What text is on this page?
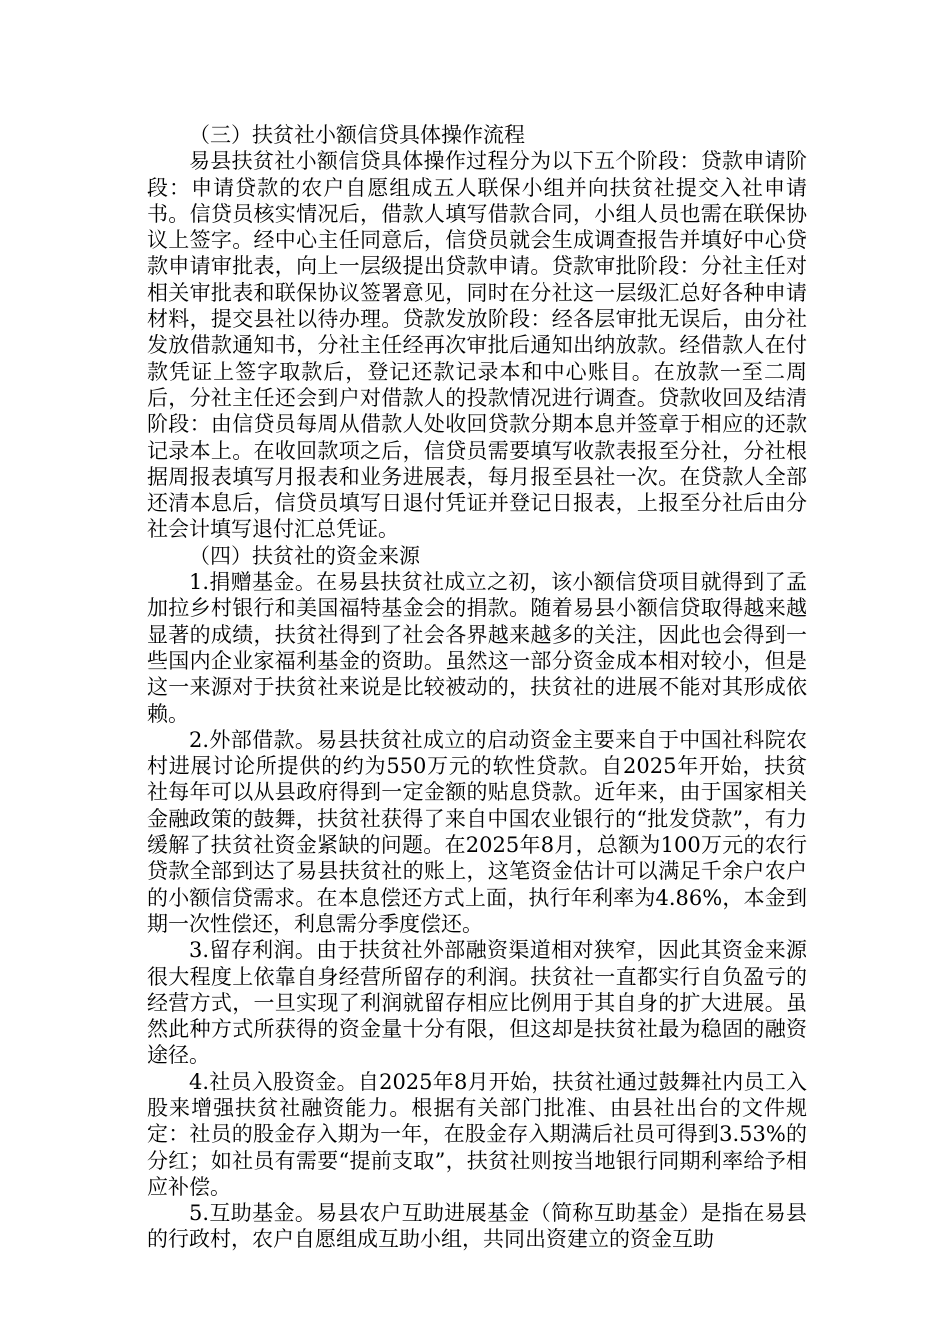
（三）扶贫社小额信贷具体操作流程

易县扶贫社小额信贷具体操作过程分为以下五个阶段：贷款申请阶段：申请贷款的农户自愿组成五人联保小组并向扶贫社提交入社申请书。信贷员核实情况后，借款人填写借款合同，小组人员也需在联保协议上签字。经中心主任同意后，信贷员就会生成调查报告并填好中心贷款申请审批表，向上一层级提出贷款申请。贷款审批阶段：分社主任对相关审批表和联保协议签署意见，同时在分社这一层级汇总好各种申请材料，提交县社以待办理。贷款发放阶段：经各层审批无误后，由分社发放借款通知书，分社主任经再次审批后通知出纳放款。经借款人在付款凭证上签字取款后，登记还款记录本和中心账目。在放款一至二周后，分社主任还会到户对借款人的投款情况进行调查。贷款收回及结清阶段：由信贷员每周从借款人处收回贷款分期本息并签章于相应的还款记录本上。在收回款项之后，信贷员需要填写收款表报至分社，分社根据周报表填写月报表和业务进展表，每月报至县社一次。在贷款人全部还清本息后，信贷员填写日退付凭证并登记日报表，上报至分社后由分社会计填写退付汇总凭证。

（四）扶贫社的资金来源

1.捐赠基金。在易县扶贫社成立之初，该小额信贷项目就得到了孟加拉乡村银行和美国福特基金会的捐款。随着易县小额信贷取得越来越显著的成绩，扶贫社得到了社会各界越来越多的关注，因此也会得到一些国内企业家福利基金的资助。虽然这一部分资金成本相对较小，但是这一来源对于扶贫社来说是比较被动的，扶贫社的进展不能对其形成依赖。

2.外部借款。易县扶贫社成立的启动资金主要来自于中国社科院农村进展讨论所提供的约为550万元的软性贷款。自2025年开始，扶贫社每年可以从县政府得到一定金额的贴息贷款。近年来，由于国家相关金融政策的鼓舞，扶贫社获得了来自中国农业银行的“批发贷款”，有力缓解了扶贫社资金紧缺的问题。在2025年8月，总额为100万元的农行贷款全部到达了易县扶贫社的账上，这笔资金估计可以满足千余户农户的小额信贷需求。在本息偿还方式上面，执行年利率为4.86%，本金到期一次性偿还，利息需分季度偿还。

3.留存利润。由于扶贫社外部融资渠道相对狭窄，因此其资金来源很大程度上依靠自身经营所留存的利润。扶贫社一直都实行自负盈亏的经营方式，一旦实现了利润就留存相应比例用于其自身的扩大进展。虽然此种方式所获得的资金量十分有限，但这却是扶贫社最为稳固的融资途径。

4.社员入股资金。自2025年8月开始，扶贫社通过鼓舞社内员工入股来增强扶贫社融资能力。根据有关部门批准、由县社出台的文件规定：社员的股金存入期为一年，在股金存入期满后社员可得到3.53%的分红；如社员有需要“提前支取”，扶贫社则按当地银行同期利率给予相应补偿。

5.互助基金。易县农户互助进展基金（简称互助基金）是指在易县的行政村，农户自愿组成互助小组，共同出资建立的资金互助
